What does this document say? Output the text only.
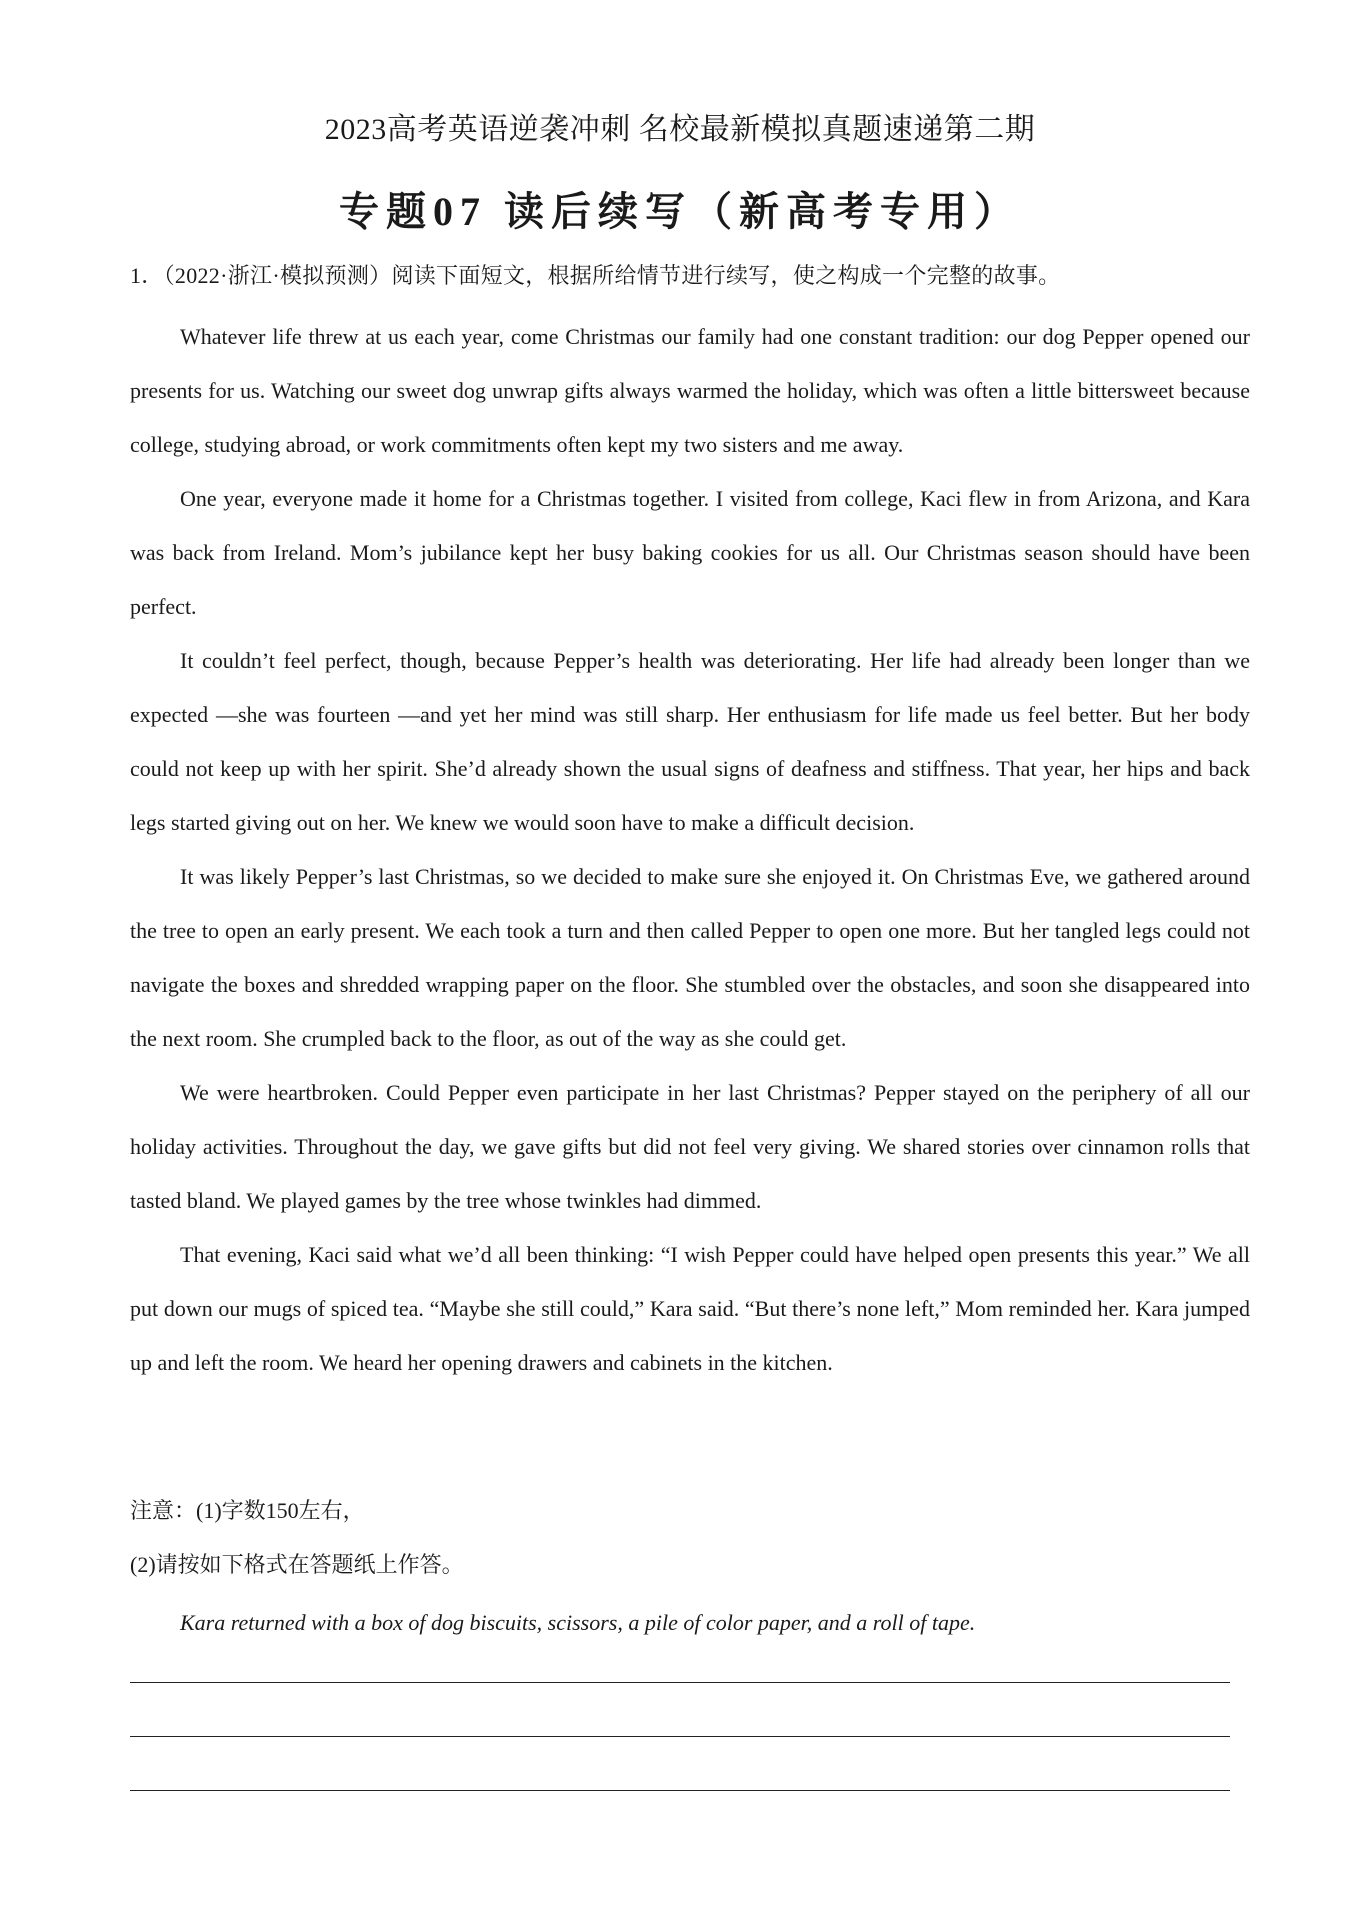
2023高考英语逆袭冲刺 名校最新模拟真题速递第二期
专题07 读后续写（新高考专用）
1．（2022·浙江·模拟预测）阅读下面短文，根据所给情节进行续写，使之构成一个完整的故事。

Whatever life threw at us each year, come Christmas our family had one constant tradition: our dog Pepper opened our presents for us. Watching our sweet dog unwrap gifts always warmed the holiday, which was often a little bittersweet because college, studying abroad, or work commitments often kept my two sisters and me away.

One year, everyone made it home for a Christmas together. I visited from college, Kaci flew in from Arizona, and Kara was back from Ireland. Mom’s jubilance kept her busy baking cookies for us all. Our Christmas season should have been perfect.

It couldn’t feel perfect, though, because Pepper’s health was deteriorating. Her life had already been longer than we expected —she was fourteen —and yet her mind was still sharp. Her enthusiasm for life made us feel better. But her body could not keep up with her spirit. She’d already shown the usual signs of deafness and stiffness. That year, her hips and back legs started giving out on her. We knew we would soon have to make a difficult decision.

It was likely Pepper’s last Christmas, so we decided to make sure she enjoyed it. On Christmas Eve, we gathered around the tree to open an early present. We each took a turn and then called Pepper to open one more. But her tangled legs could not navigate the boxes and shredded wrapping paper on the floor. She stumbled over the obstacles, and soon she disappeared into the next room. She crumpled back to the floor, as out of the way as she could get.

We were heartbroken. Could Pepper even participate in her last Christmas? Pepper stayed on the periphery of all our holiday activities. Throughout the day, we gave gifts but did not feel very giving. We shared stories over cinnamon rolls that tasted bland. We played games by the tree whose twinkles had dimmed.

That evening, Kaci said what we’d all been thinking: “I wish Pepper could have helped open presents this year.” We all put down our mugs of spiced tea. “Maybe she still could,” Kara said. “But there’s none left,” Mom reminded her. Kara jumped up and left the room. We heard her opening drawers and cabinets in the kitchen.

注意：(1)字数150左右，
(2)请按如下格式在答题纸上作答。
Kara returned with a box of dog biscuits, scissors, a pile of color paper, and a roll of tape.
